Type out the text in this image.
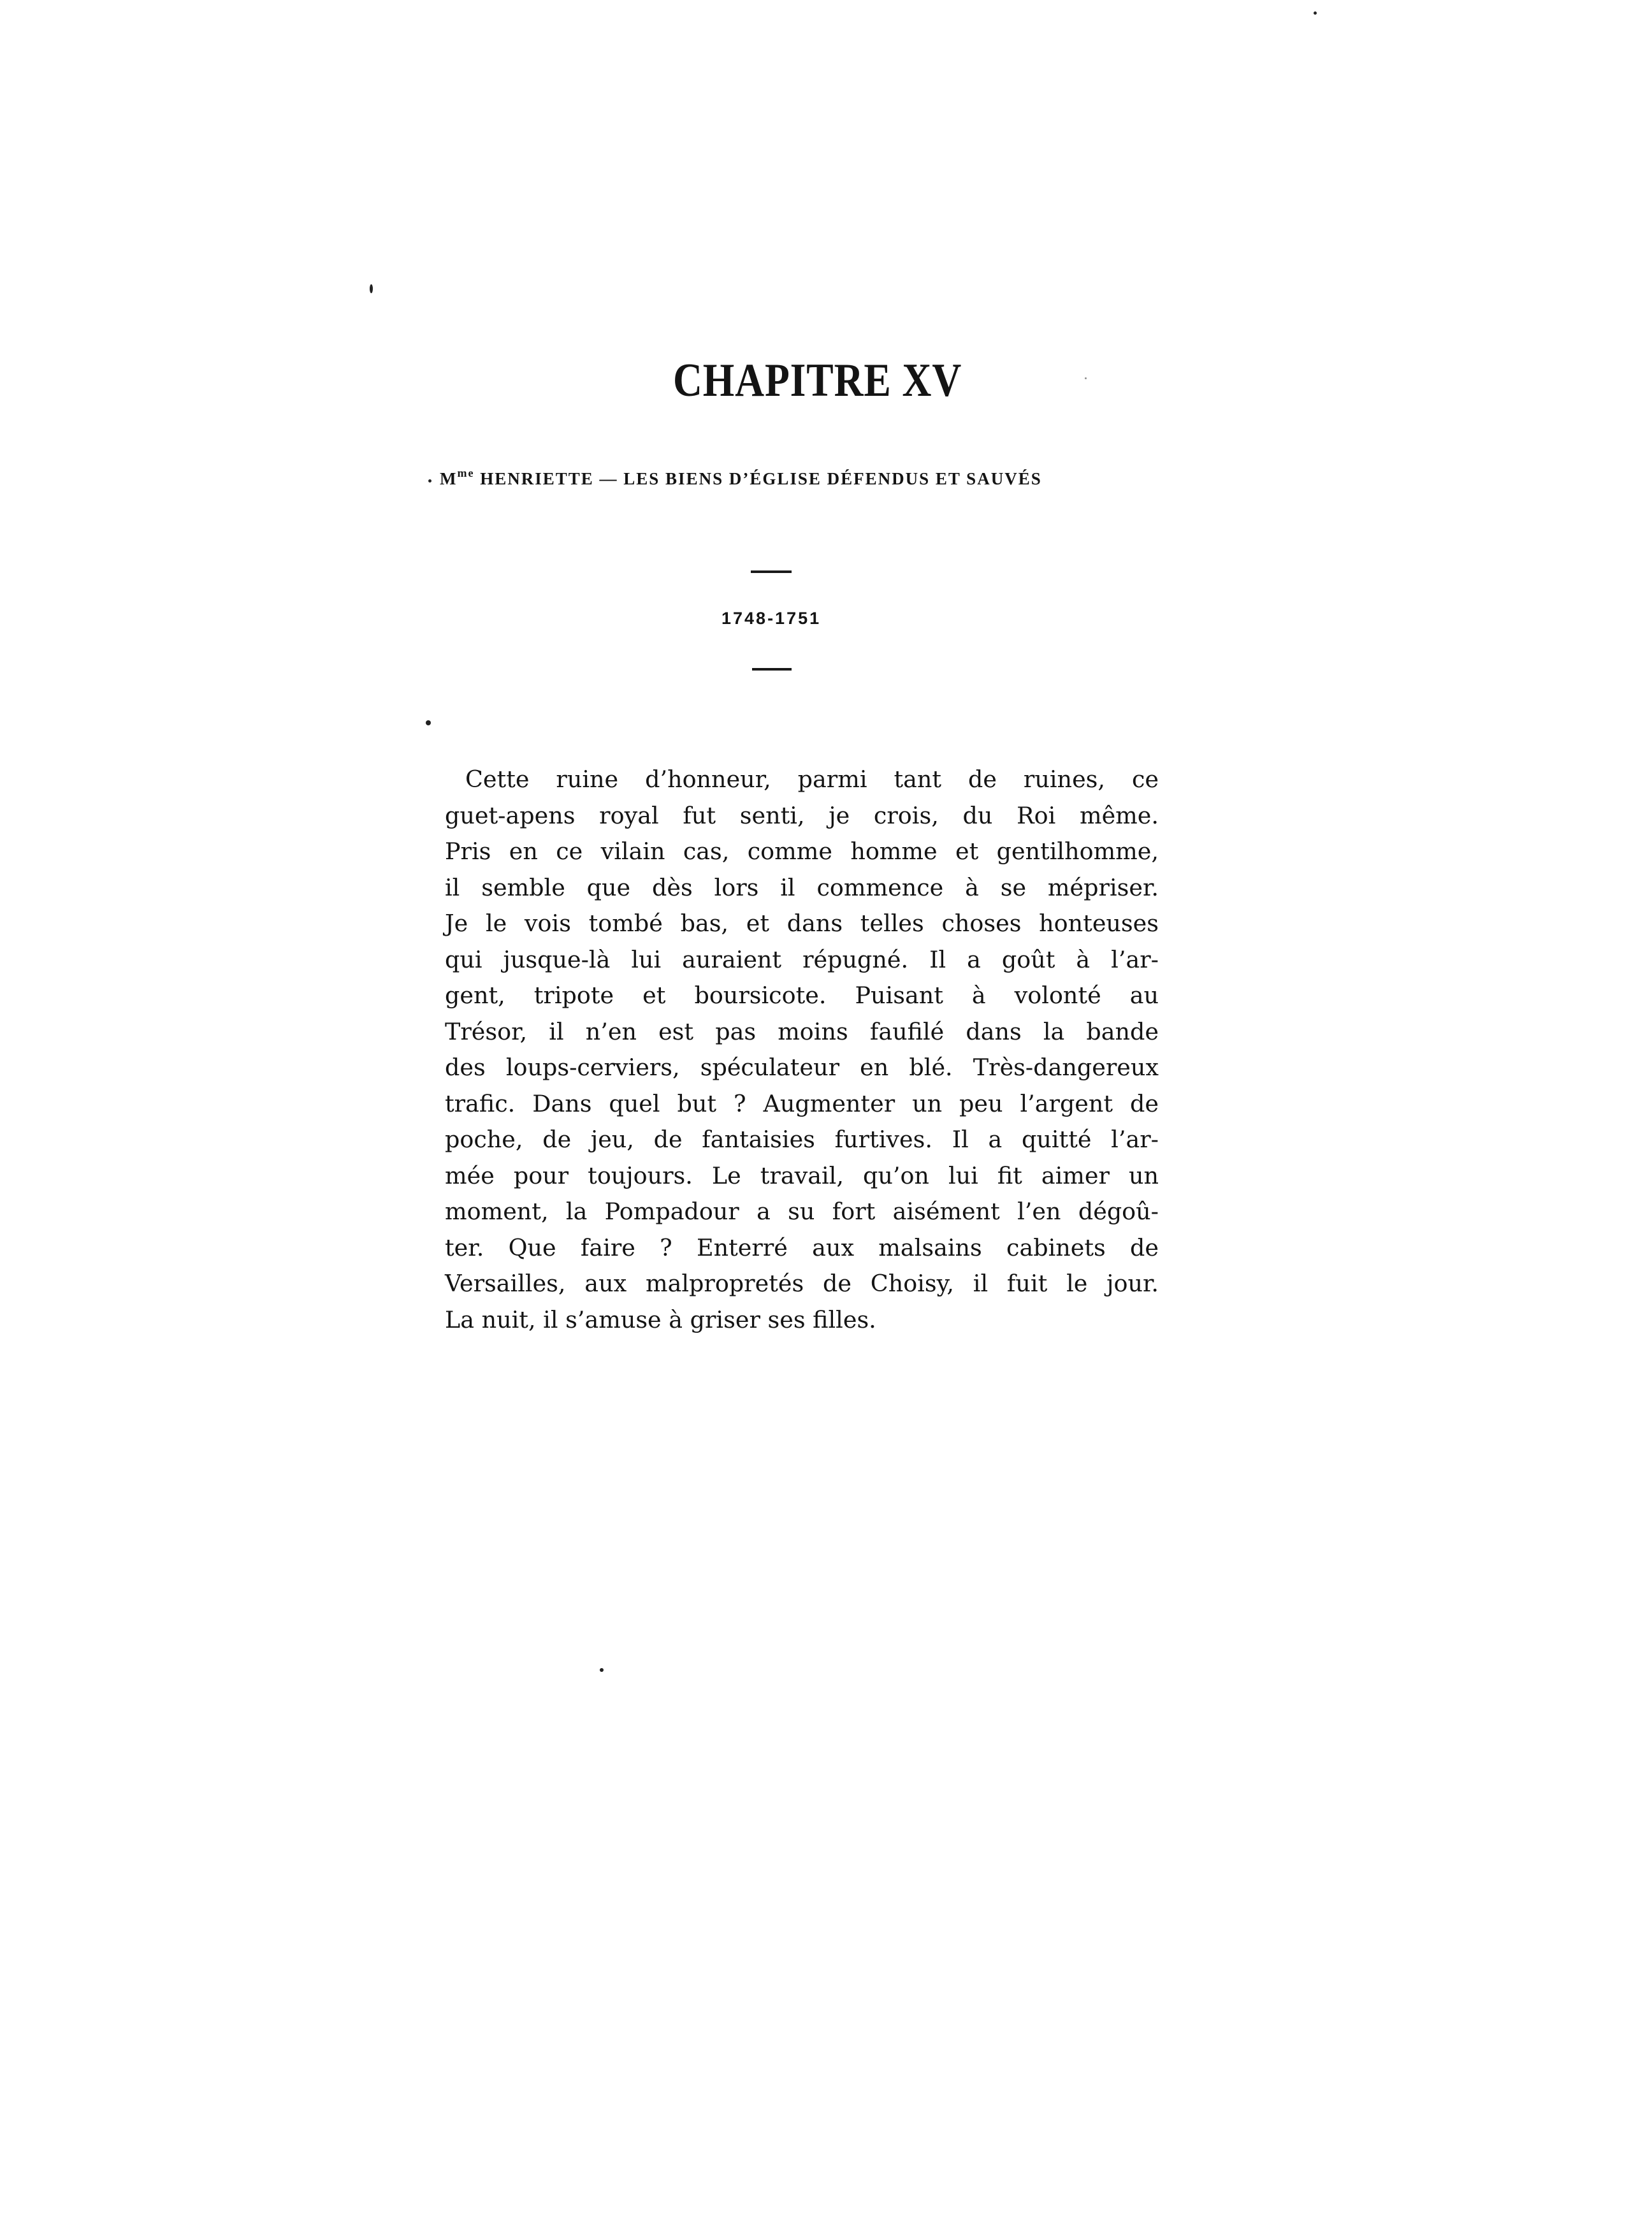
CHAPITRE XV

$M^{me}$ HENRIETTE — LES BIENS D’ÉGLISE DÉFENDUS ET SAUVÉS

1748-1751

Cette ruine d’honneur, parmi tant de ruines, ce
guet-apens royal fut senti, je crois, du Roi même.
Pris en ce vilain cas, comme homme et gentilhomme,
il semble que dès lors il commence à se mépriser.
Je le vois tombé bas, et dans telles choses honteuses
qui jusque-là lui auraient répugné. Il a goût à l’ar-
gent, tripote et boursicote. Puisant à volonté au
Trésor, il n’en est pas moins faufilé dans la bande
des loups-cerviers, spéculateur en blé. Très-dangereux
trafic. Dans quel but ? Augmenter un peu l’argent de
poche, de jeu, de fantaisies furtives. Il a quitté l’ar-
mée pour toujours. Le travail, qu’on lui fit aimer un
moment, la Pompadour a su fort aisément l’en dégoû-
ter. Que faire ? Enterré aux malsains cabinets de
Versailles, aux malpropretés de Choisy, il fuit le jour.
La nuit, il s’amuse à griser ses filles.
